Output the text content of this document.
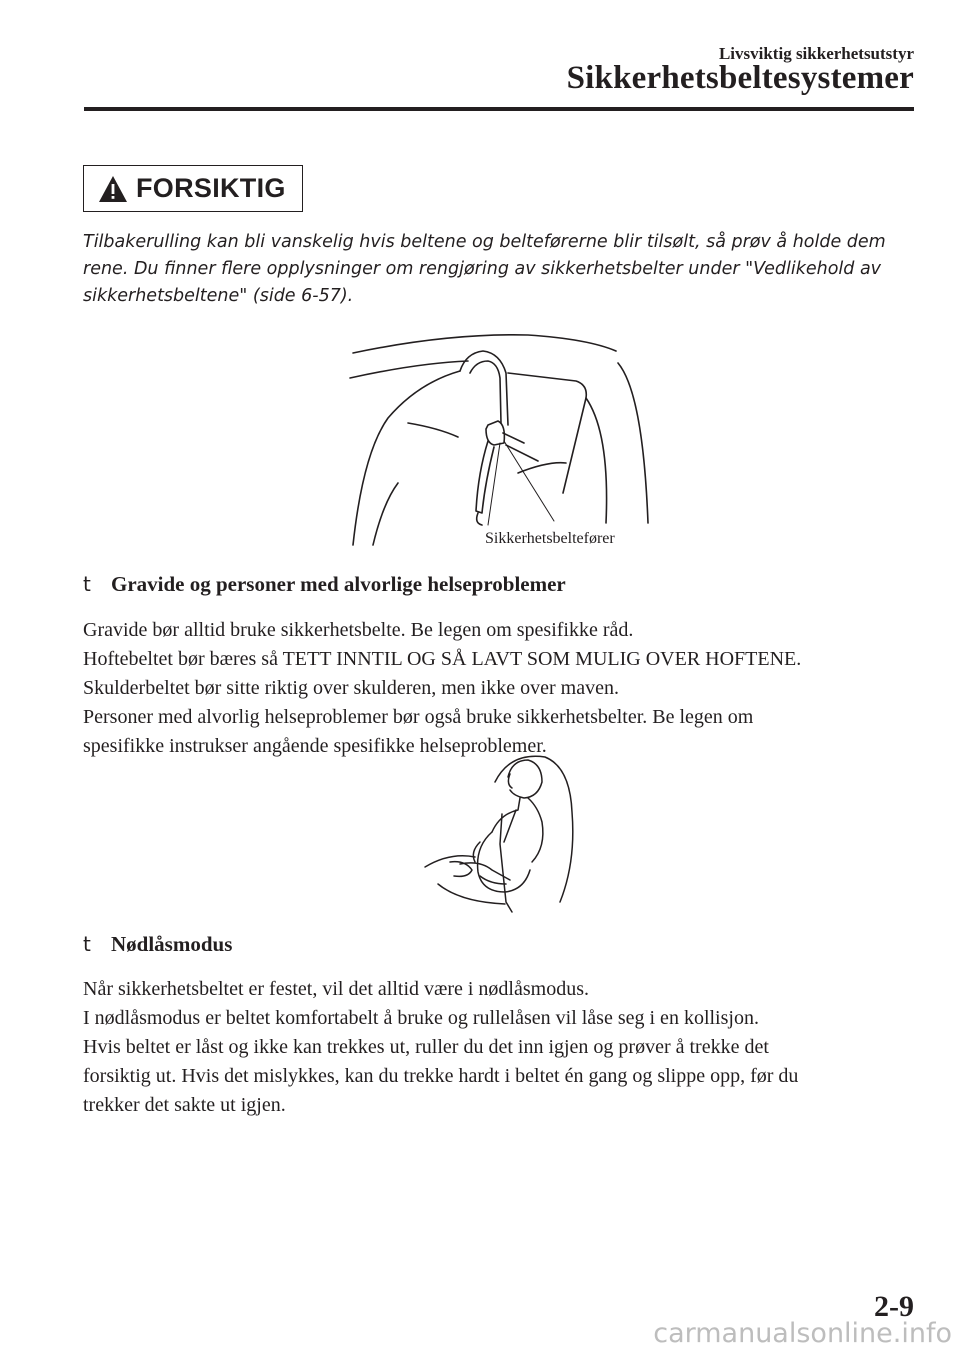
Livsviktig sikkerhetsutstyr
Sikkerhetsbeltesystemer
FORSIKTIG
Tilbakerulling kan bli vanskelig hvis beltene og belteførerne blir tilsølt, så prøv å holde dem
rene. Du finner flere opplysninger om rengjøring av sikkerhetsbelter under "Vedlikehold av
sikkerhetsbeltene" (side 6-57).
Sikkerhetsbeltefører
t Gravide og personer med alvorlige helseproblemer

Gravide bør alltid bruke sikkerhetsbelte. Be legen om spesifikke råd.

Hoftebeltet bør bæres så TETT INNTIL OG SÅ LAVT SOM MULIG OVER HOFTENE.

Skulderbeltet bør sitte riktig over skulderen, men ikke over maven.

Personer med alvorlig helseproblemer bør også bruke sikkerhetsbelter. Be legen om

spesifikke instrukser angående spesifikke helseproblemer.

t Nødlåsmodus

Når sikkerhetsbeltet er festet, vil det alltid være i nødlåsmodus.

I nødlåsmodus er beltet komfortabelt å bruke og rullelåsen vil låse seg i en kollisjon.

Hvis beltet er låst og ikke kan trekkes ut, ruller du det inn igjen og prøver å trekke det

forsiktig ut. Hvis det mislykkes, kan du trekke hardt i beltet én gang og slippe opp, før du

trekker det sakte ut igjen.

2-9
carmanualsonline.info
